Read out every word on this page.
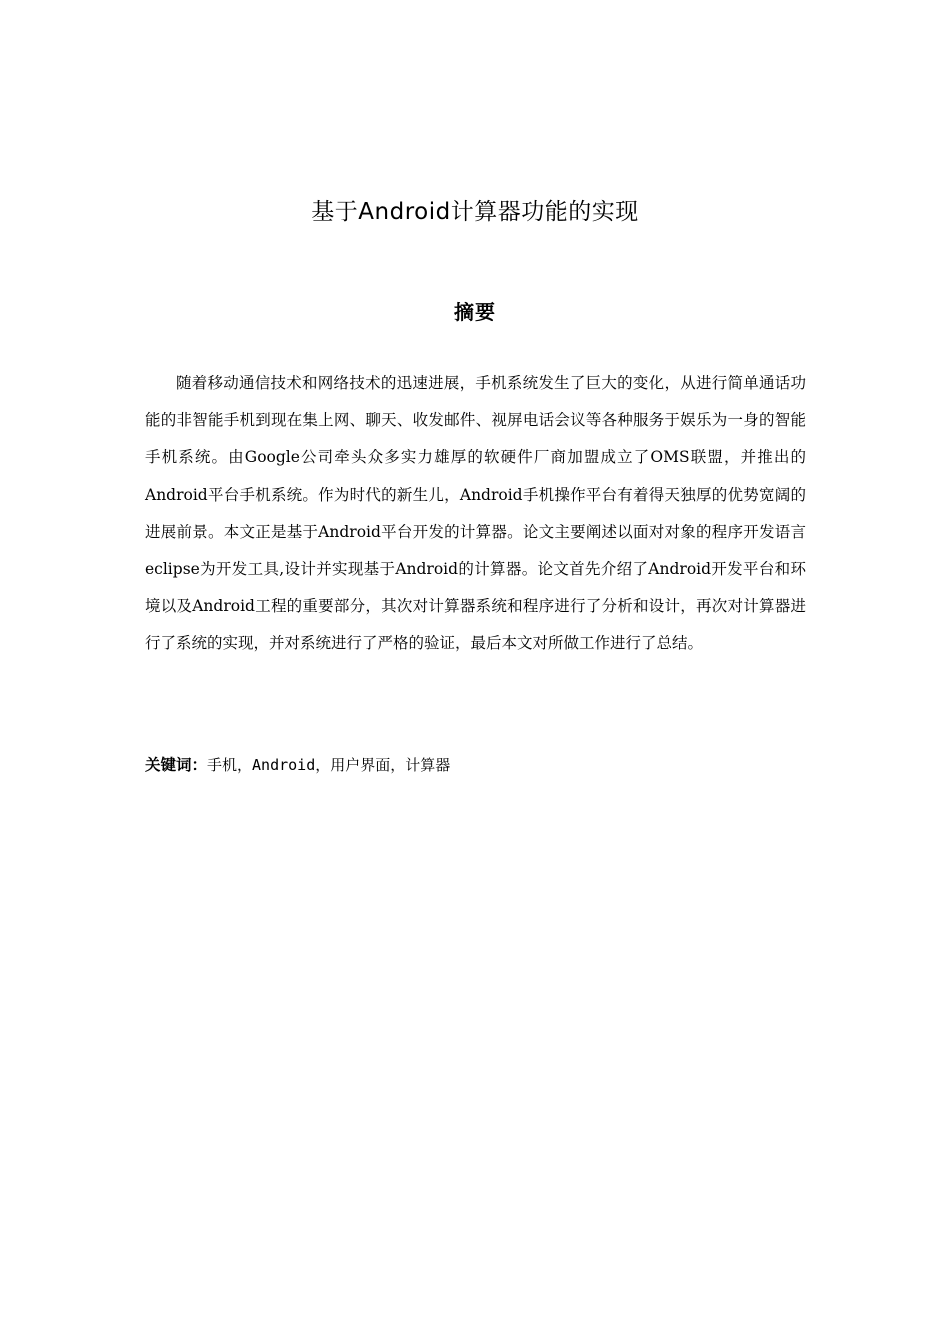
基于Android计算器功能的实现
摘要

随着移动通信技术和网络技术的迅速进展，手机系统发生了巨大的变化，从进行简单通话功能的非智能手机到现在集上网、聊天、收发邮件、视屏电话会议等各种服务于娱乐为一身的智能手机系统。由Google公司牵头众多实力雄厚的软硬件厂商加盟成立了OMS联盟，并推出的Android平台手机系统。作为时代的新生儿，Android手机操作平台有着得天独厚的优势宽阔的进展前景。本文正是基于Android平台开发的计算器。论文主要阐述以面对对象的程序开发语言eclipse为开发工具,设计并实现基于Android的计算器。论文首先介绍了Android开发平台和环境以及Android工程的重要部分，其次对计算器系统和程序进行了分析和设计，再次对计算器进行了系统的实现，并对系统进行了严格的验证，最后本文对所做工作进行了总结。

关键词：手机，Android，用户界面，计算器
